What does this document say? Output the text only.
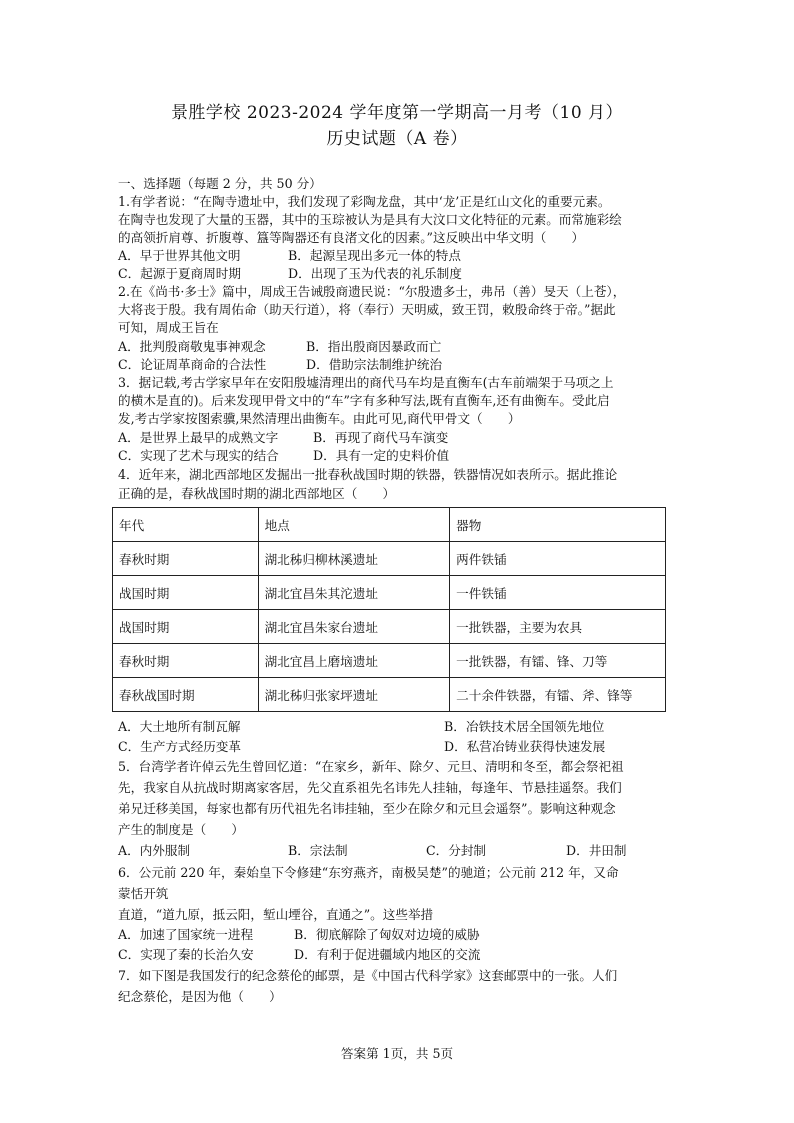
景胜学校 2023-2024 学年度第一学期高一月考（10 月）
历史试题（A 卷）
一、选择题（每题 2 分，共 50 分）
1.有学者说：“在陶寺遗址中，我们发现了彩陶龙盘，其中‘龙’正是红山文化的重要元素。
在陶寺也发现了大量的玉器，其中的玉琮被认为是具有大汶口文化特征的元素。而常施彩绘
的高领折肩尊、折腹尊、簋等陶器还有良渚文化的因素。”这反映出中华文明（　　）
A．早于世界其他文明	B．起源呈现出多元一体的特点
C．起源于夏商周时期	D．出现了玉为代表的礼乐制度
2.在《尚书·多士》篇中，周成王告诫殷商遗民说：“尔殷遗多士，弗吊（善）旻天（上苍），
大将丧于殷。我有周佑命（助天行道），将（奉行）天明威，致王罚，敕殷命终于帝。”据此
可知，周成王旨在
A．批判殷商敬鬼事神观念	B．指出殷商因暴政而亡
C．论证周革商命的合法性	D．借助宗法制维护统治
3．据记载,考古学家早年在安阳殷墟清理出的商代马车均是直衡车(古车前端架于马项之上
的横木是直的)。后来发现甲骨文中的“车”字有多种写法,既有直衡车,还有曲衡车。受此启
发,考古学家按图索骥,果然清理出曲衡车。由此可见,商代甲骨文（　　）
A．是世界上最早的成熟文字	B．再现了商代马车演变
C．实现了艺术与现实的结合	D．具有一定的史料价值
4．近年来，湖北西部地区发掘出一批春秋战国时期的铁器，铁器情况如表所示。据此推论
正确的是，春秋战国时期的湖北西部地区（　　）
年代	地点	器物
春秋时期	湖北秭归柳林溪遗址	两件铁锸
战国时期	湖北宜昌朱其沱遗址	一件铁锸
战国时期	湖北宜昌朱家台遗址	一批铁器，主要为农具
春秋时期	湖北宜昌上磨垴遗址	一批铁器，有镭、锋、刀等
春秋战国时期	湖北秭归张家坪遗址	二十余件铁器，有镭、斧、锋等
A．大土地所有制瓦解	B．冶铁技术居全国领先地位
C．生产方式经历变革	D．私营冶铸业获得快速发展
5．台湾学者许倬云先生曾回忆道：“在家乡，新年、除夕、元旦、清明和冬至，都会祭祀祖
先，我家自从抗战时期离家客居，先父直系祖先名讳先人挂轴，每逢年、节悬挂遥祭。我们
弟兄迁移美国，每家也都有历代祖先名讳挂轴，至少在除夕和元旦会遥祭”。影响这种观念
产生的制度是（　　）
A．内外服制	B．宗法制	C．分封制	D．井田制
6．公元前 220 年，秦始皇下令修建“东穷燕齐，南极吴楚”的驰道；公元前 212 年，又命
蒙恬开筑
直道，“道九原，抵云阳，堑山堙谷，直通之”。这些举措
A．加速了国家统一进程	B．彻底解除了匈奴对边境的威胁
C．实现了秦的长治久安	D．有利于促进疆域内地区的交流
7．如下图是我国发行的纪念蔡伦的邮票，是《中国古代科学家》这套邮票中的一张。人们
纪念蔡伦，是因为他（　　）
答案第 1页，共 5页
